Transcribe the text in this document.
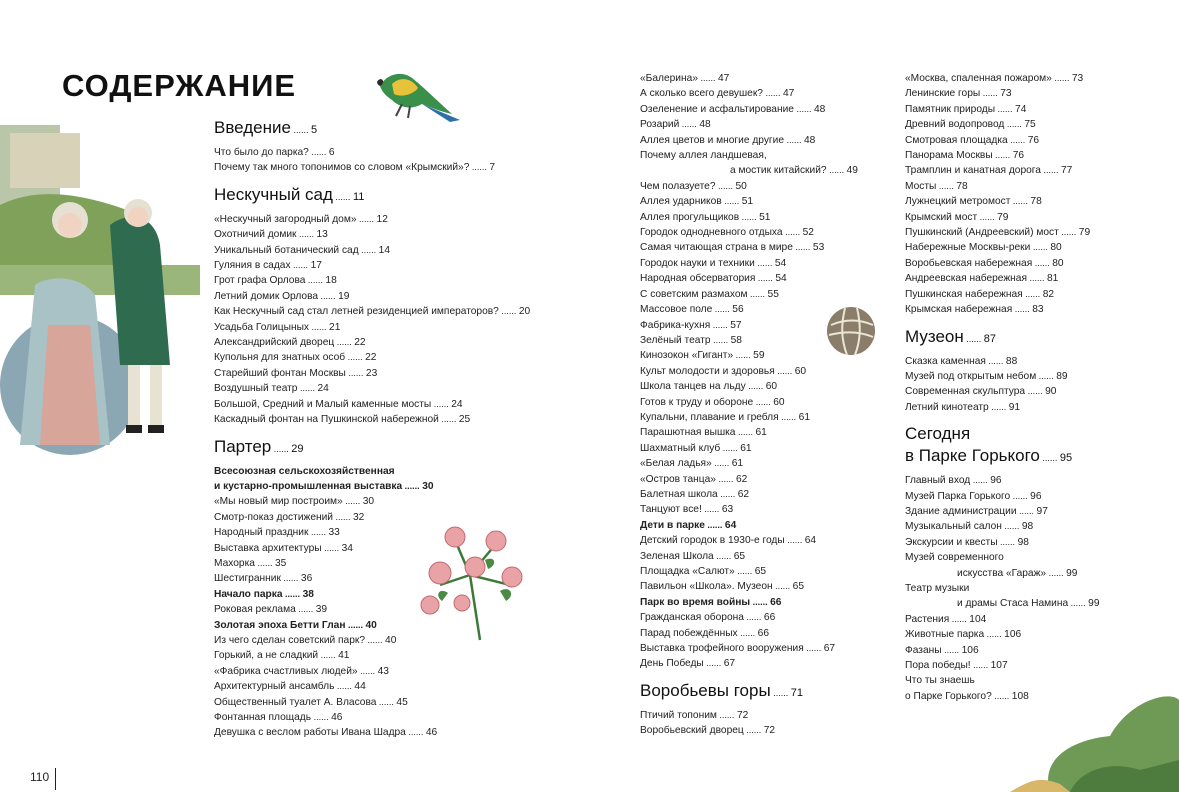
СОДЕРЖАНИЕ
Введение ...... 5
Что было до парка? ...... 6
Почему так много топонимов со словом «Крымский»? ...... 7
Нескучный сад ...... 11
«Нескучный загородный дом» ...... 12
Охотничий домик ...... 13
Уникальный ботанический сад ...... 14
Гуляния в садах ...... 17
Грот графа Орлова ...... 18
Летний домик Орлова ...... 19
Как Нескучный сад стал летней резиденцией императоров? ...... 20
Усадьба Голицыных ...... 21
Александрийский дворец ...... 22
Купольня для знатных особ ...... 22
Старейший фонтан Москвы ...... 23
Воздушный театр ...... 24
Большой, Средний и Малый каменные мосты ...... 24
Каскадный фонтан на Пушкинской набережной ...... 25
Партер ...... 29
Всесоюзная сельскохозяйственная
и кустарно-промышленная выставка ...... 30
«Мы новый мир построим» ...... 30
Смотр-показ достижений ...... 32
Народный праздник ...... 33
Выставка архитектуры ...... 34
Махорка ...... 35
Шестигранник ...... 36
Начало парка ...... 38
Роковая реклама ...... 39
Золотая эпоха Бетти Глан ...... 40
Из чего сделан советский парк? ...... 40
Горький, а не сладкий ...... 41
«Фабрика счастливых людей» ...... 43
Архитектурный ансамбль ...... 44
Общественный туалет А. Власова ...... 45
Фонтанная площадь ...... 46
Девушка с веслом работы Ивана Шадра ...... 46
«Балерина» ...... 47
А сколько всего девушек? ...... 47
Озеленение и асфальтирование ...... 48
Розарий ...... 48
Аллея цветов и многие другие ...... 48
Почему аллея ландшевая,
а мостик китайский? ...... 49
Чем полазуете? ...... 50
Аллея ударников ...... 51
Аллея прогульщиков ...... 51
Городок однодневного отдыха ...... 52
Самая читающая страна в мире ...... 53
Городок науки и техники ...... 54
Народная обсерватория ...... 54
С советским размахом ...... 55
Массовое поле ...... 56
Фабрика-кухня ...... 57
Зелёный театр ...... 58
Кинозокон «Гигант» ...... 59
Культ молодости и здоровья ...... 60
Школа танцев на льду ...... 60
Готов к труду и обороне ...... 60
Купальни, плавание и гребля ...... 61
Парашютная вышка ...... 61
Шахматный клуб ...... 61
«Белая ладья» ...... 61
«Остров танца» ...... 62
Балетная школа ...... 62
Танцуют все! ...... 63
Дети в парке ...... 64
Детский городок в 1930-е годы ...... 64
Зеленая Школа ...... 65
Площадка «Салют» ...... 65
Павильон «Школа». Музеон ...... 65
Парк во время войны ...... 66
Гражданская оборона ...... 66
Парад побеждённых ...... 66
Выставка трофейного вооружения ...... 67
День Победы ...... 67
Воробьевы горы ...... 71
Птичий топоним ...... 72
Воробьевский дворец ...... 72
«Москва, спаленная пожаром» ...... 73
Ленинские горы ...... 73
Памятник природы ...... 74
Древний водопровод ...... 75
Смотровая площадка ...... 76
Панорама Москвы ...... 76
Трамплин и канатная дорога ...... 77
Мосты ...... 78
Лужнецкий метромост ...... 78
Крымский мост ...... 79
Пушкинский (Андреевский) мост ...... 79
Набережные Москвы-реки ...... 80
Воробьевская набережная ...... 80
Андреевская набережная ...... 81
Пушкинская набережная ...... 82
Крымская набережная ...... 83
Музеон ...... 87
Сказка каменная ...... 88
Музей под открытым небом ...... 89
Современная скульптура ...... 90
Летний кинотеатр ...... 91
Сегодня
в Парке Горького ...... 95
Главный вход ...... 96
Музей Парка Горького ...... 96
Здание администрации ...... 97
Музыкальный салон ...... 98
Экскурсии и квесты ...... 98
Музей современного
искусства «Гараж» ...... 99
Театр музыки
и драмы Стаса Намина ...... 99
Растения ...... 104
Животные парка ...... 106
Фазаны ...... 106
Пора победы! ...... 107
Что ты знаешь
о Парке Горького? ...... 108
110
